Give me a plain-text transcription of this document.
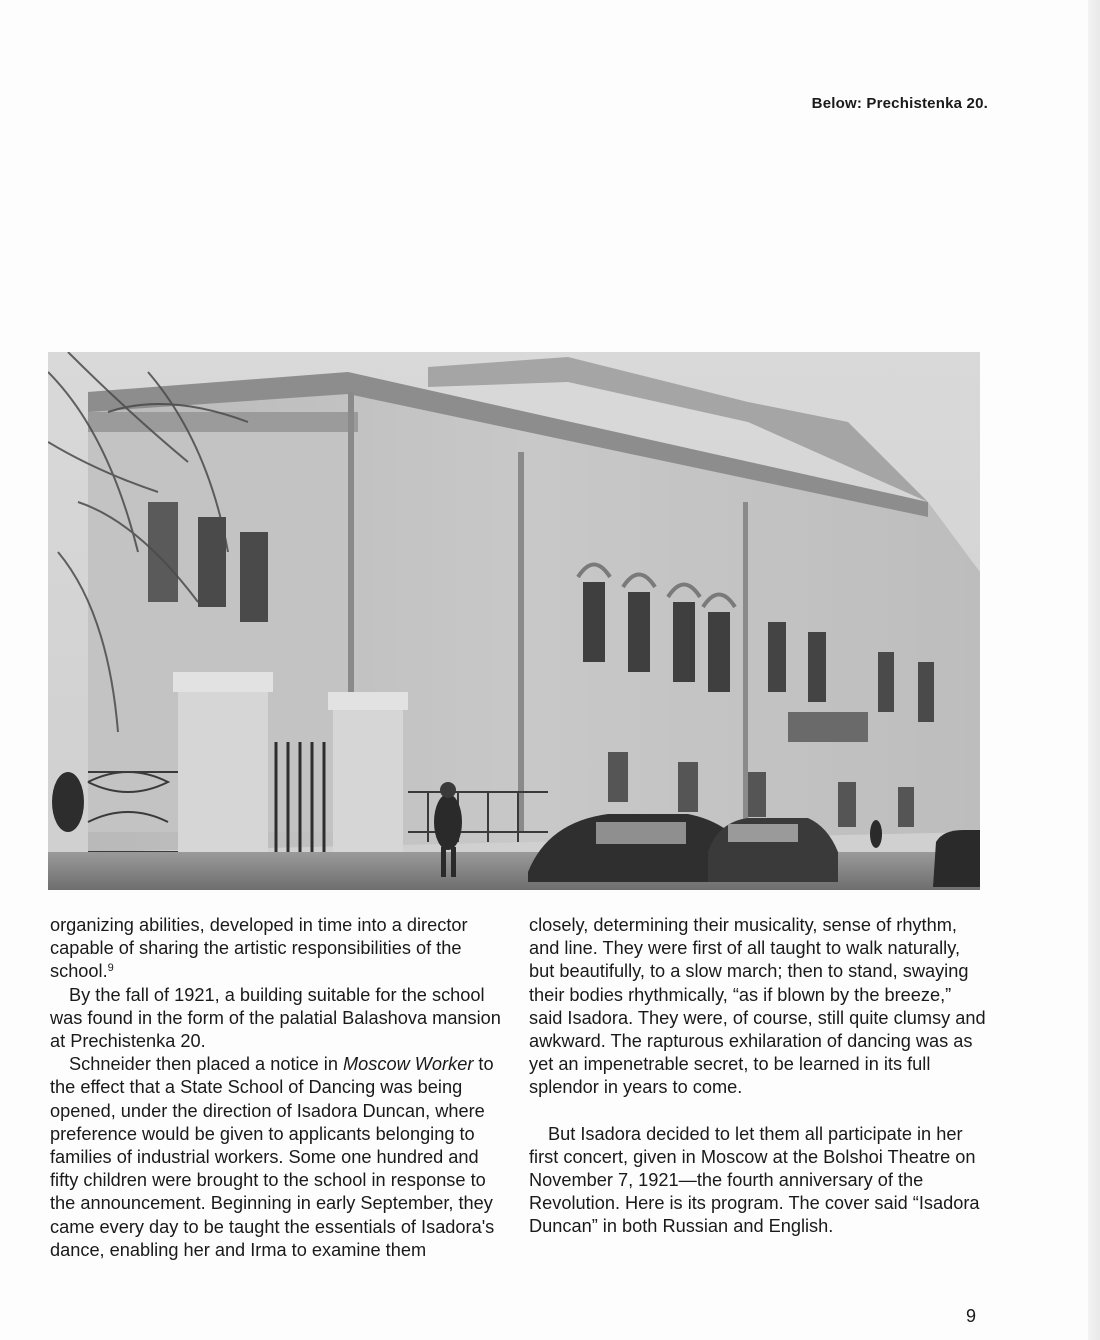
Below: Prechistenka 20.

organizing abilities, developed in time into a director capable of sharing the artistic responsibilities of the school.$^9$

By the fall of 1921, a building suitable for the school was found in the form of the palatial Balashova mansion at Prechistenka 20.

Schneider then placed a notice in Moscow Worker to the effect that a State School of Dancing was being opened, under the direction of Isadora Duncan, where preference would be given to applicants belonging to families of industrial workers. Some one hundred and fifty children were brought to the school in response to the announcement. Beginning in early September, they came every day to be taught the essentials of Isadora's dance, enabling her and Irma to examine them

closely, determining their musicality, sense of rhythm, and line. They were first of all taught to walk naturally, but beautifully, to a slow march; then to stand, swaying their bodies rhythmically, “as if blown by the breeze,” said Isadora. They were, of course, still quite clumsy and awkward. The rapturous exhilaration of dancing was as yet an impenetrable secret, to be learned in its full splendor in years to come.

But Isadora decided to let them all participate in her first concert, given in Moscow at the Bolshoi Theatre on November 7, 1921—the fourth anniversary of the Revolution. Here is its program. The cover said “Isadora Duncan” in both Russian and English.

9
